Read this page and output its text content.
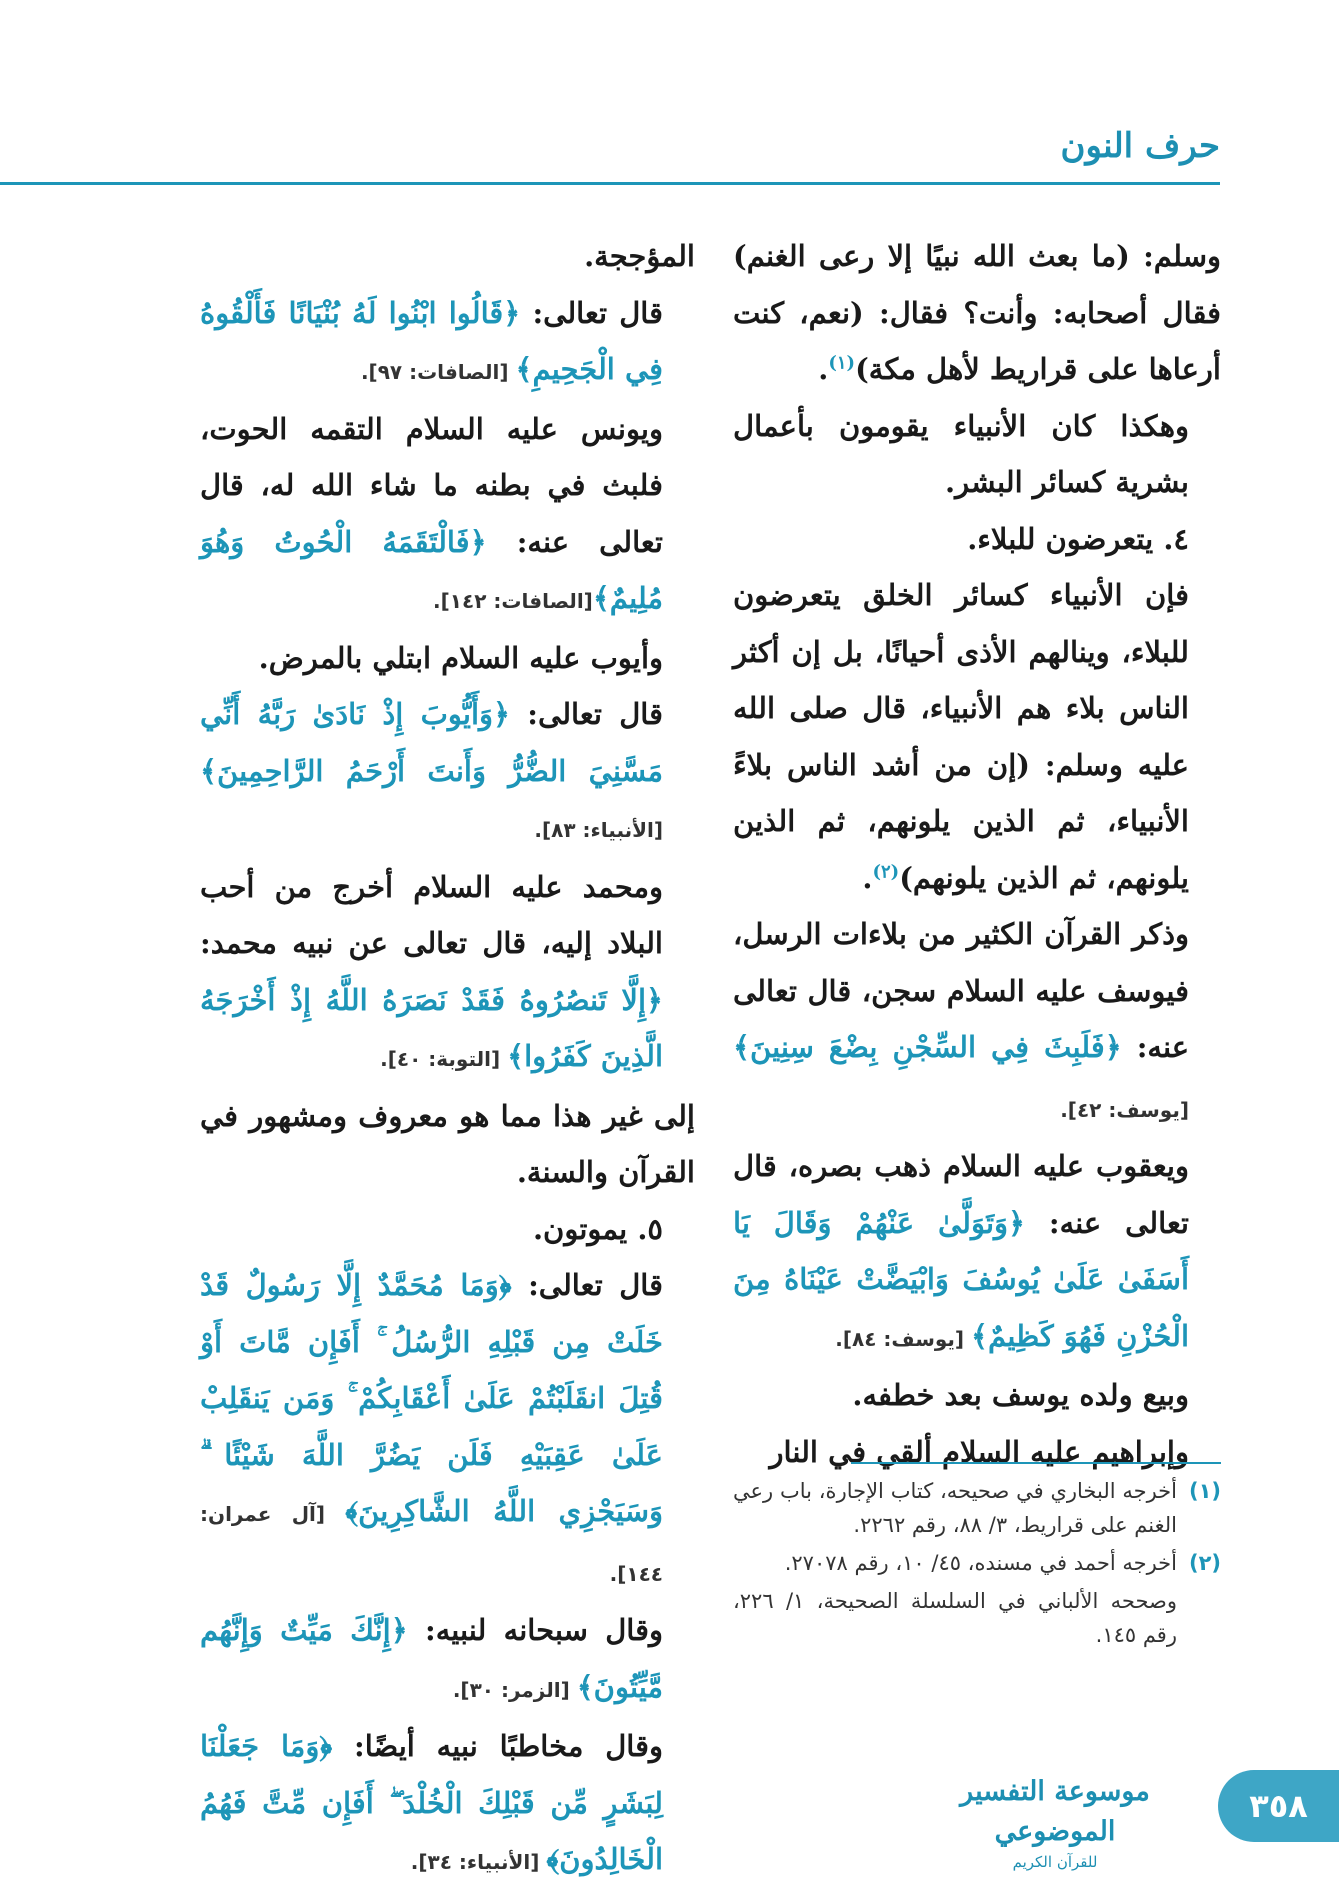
حرف النون

وسلم: (ما بعث الله نبيًا إلا رعى الغنم) فقال أصحابه: وأنت؟ فقال: (نعم، كنت أرعاها على قراريط لأهل مكة)$^{(١)}$.

وهكذا كان الأنبياء يقومون بأعمال بشرية كسائر البشر.

٤. يتعرضون للبلاء.

فإن الأنبياء كسائر الخلق يتعرضون للبلاء، وينالهم الأذى أحيانًا، بل إن أكثر الناس بلاء هم الأنبياء، قال صلى الله عليه وسلم: (إن من أشد الناس بلاءً الأنبياء، ثم الذين يلونهم، ثم الذين يلونهم، ثم الذين يلونهم)$^{(٢)}$.

وذكر القرآن الكثير من بلاءات الرسل، فيوسف عليه السلام سجن، قال تعالى عنه: ﴿فَلَبِثَ فِي السِّجْنِ بِضْعَ سِنِينَ﴾ [يوسف: ٤٢].

ويعقوب عليه السلام ذهب بصره، قال تعالى عنه: ﴿وَتَوَلَّىٰ عَنْهُمْ وَقَالَ يَا أَسَفَىٰ عَلَىٰ يُوسُفَ وَابْيَضَّتْ عَيْنَاهُ مِنَ الْحُزْنِ فَهُوَ كَظِيمٌ﴾ [يوسف: ٨٤].

وبيع ولده يوسف بعد خطفه.

وإبراهيم عليه السلام ألقي في النار

المؤججة.

قال تعالى: ﴿قَالُوا ابْنُوا لَهُ بُنْيَانًا فَأَلْقُوهُ فِي الْجَحِيمِ﴾ [الصافات: ٩٧].

ويونس عليه السلام التقمه الحوت، فلبث في بطنه ما شاء الله له، قال تعالى عنه: ﴿فَالْتَقَمَهُ الْحُوتُ وَهُوَ مُلِيمٌ﴾[الصافات: ١٤٢].

وأيوب عليه السلام ابتلي بالمرض.

قال تعالى: ﴿وَأَيُّوبَ إِذْ نَادَىٰ رَبَّهُ أَنِّي مَسَّنِيَ الضُّرُّ وَأَنتَ أَرْحَمُ الرَّاحِمِينَ﴾[الأنبياء: ٨٣].

ومحمد عليه السلام أخرج من أحب البلاد إليه، قال تعالى عن نبيه محمد: ﴿إِلَّا تَنصُرُوهُ فَقَدْ نَصَرَهُ اللَّهُ إِذْ أَخْرَجَهُ الَّذِينَ كَفَرُوا﴾ [التوبة: ٤٠].

إلى غير هذا مما هو معروف ومشهور في القرآن والسنة.

٥. يموتون.

قال تعالى: ﴿وَمَا مُحَمَّدٌ إِلَّا رَسُولٌ قَدْ خَلَتْ مِن قَبْلِهِ الرُّسُلُ ۚ أَفَإِن مَّاتَ أَوْ قُتِلَ انقَلَبْتُمْ عَلَىٰ أَعْقَابِكُمْ ۚ وَمَن يَنقَلِبْ عَلَىٰ عَقِبَيْهِ فَلَن يَضُرَّ اللَّهَ شَيْئًا ۗ وَسَيَجْزِي اللَّهُ الشَّاكِرِينَ﴾ [آل عمران: ١٤٤].

وقال سبحانه لنبيه: ﴿إِنَّكَ مَيِّتٌ وَإِنَّهُم مَّيِّتُونَ﴾ [الزمر: ٣٠].

وقال مخاطبًا نبيه أيضًا: ﴿وَمَا جَعَلْنَا لِبَشَرٍ مِّن قَبْلِكَ الْخُلْدَ ۖ أَفَإِن مِّتَّ فَهُمُ الْخَالِدُونَ﴾ [الأنبياء: ٣٤].

(١)
أخرجه البخاري في صحيحه، كتاب الإجارة، باب رعي الغنم على قراريط، ٣/ ٨٨، رقم ٢٢٦٢.
(٢)
أخرجه أحمد في مسنده، ٤٥/ ١٠، رقم ٢٧٠٧٨.
وصححه الألباني في السلسلة الصحيحة، ١/ ٢٢٦، رقم ١٤٥.
موسوعة التفسير الموضوعي
للقرآن الكريم
٣٥٨
